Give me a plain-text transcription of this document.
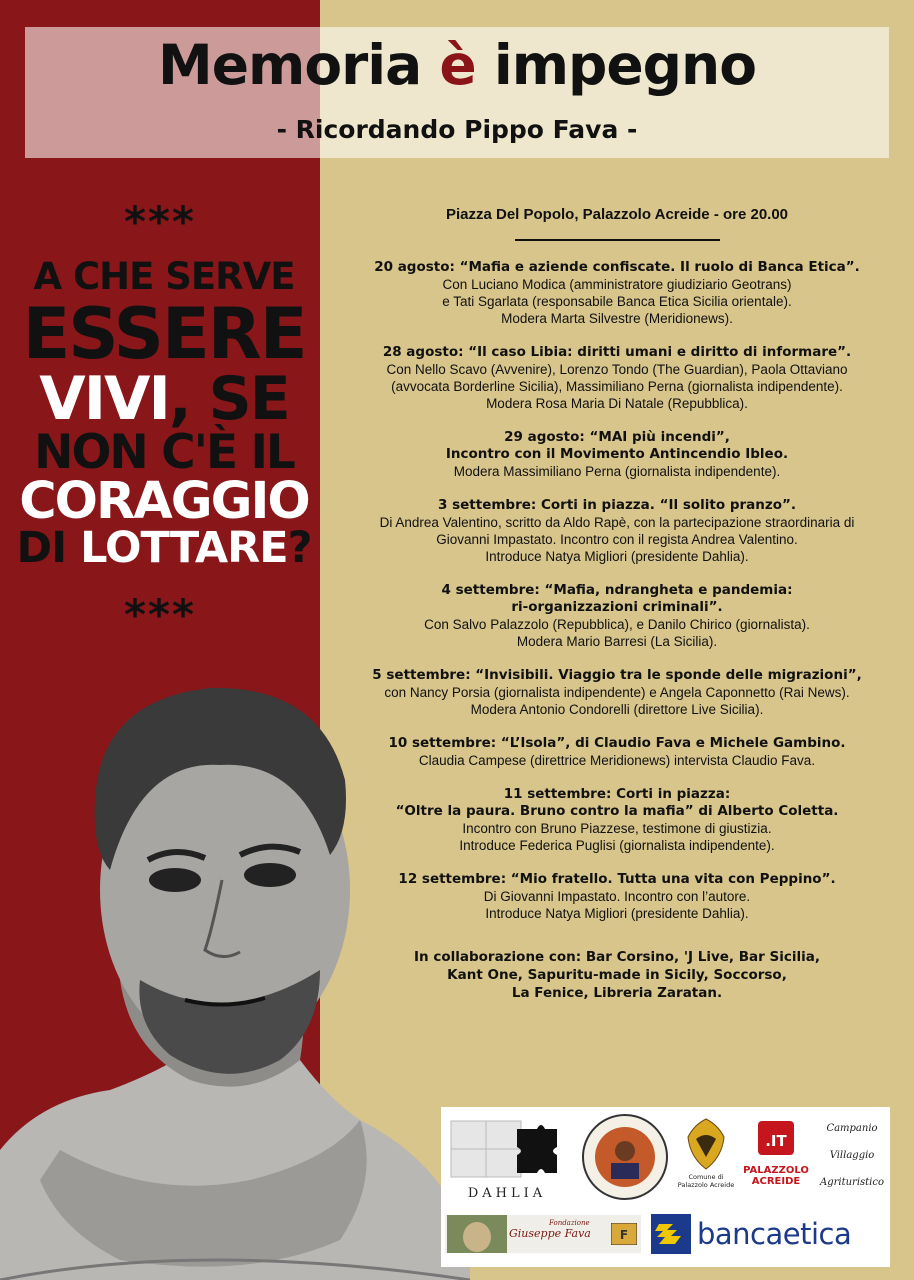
Memoria è impegno
- Ricordando Pippo Fava -
***
A CHE SERVE
ESSERE
VIVI, SE
NON C'È IL
CORAGGIO
DI LOTTARE?
***
Piazza Del Popolo, Palazzolo Acreide - ore 20.00
20 agosto: “Mafia e aziende confiscate. Il ruolo di Banca Etica”.
Con Luciano Modica (amministratore giudiziario Geotrans)
e Tati Sgarlata (responsabile Banca Etica Sicilia orientale).
Modera Marta Silvestre (Meridionews).
28 agosto: “Il caso Libia: diritti umani e diritto di informare”.
Con Nello Scavo (Avvenire), Lorenzo Tondo (The Guardian), Paola Ottaviano
(avvocata Borderline Sicilia), Massimiliano Perna (giornalista indipendente).
Modera Rosa Maria Di Natale (Repubblica).
29 agosto: “MAI più incendi”,
Incontro con il Movimento Antincendio Ibleo.
Modera Massimiliano Perna (giornalista indipendente).
3 settembre: Corti in piazza. “Il solito pranzo”.
Di Andrea Valentino, scritto da Aldo Rapè, con la partecipazione straordinaria di
Giovanni Impastato. Incontro con il regista Andrea Valentino.
Introduce Natya Migliori (presidente Dahlia).
4 settembre: “Mafia, ndrangheta e pandemia:
ri-organizzazioni criminali”.
Con Salvo Palazzolo (Repubblica), e Danilo Chirico (giornalista).
Modera Mario Barresi (La Sicilia).
5 settembre: “Invisibili. Viaggio tra le sponde delle migrazioni”,
con Nancy Porsia (giornalista indipendente) e Angela Caponnetto (Rai News).
Modera Antonio Condorelli (direttore Live Sicilia).
10 settembre: “L’Isola”, di Claudio Fava e Michele Gambino.
Claudia Campese (direttrice Meridionews) intervista Claudio Fava.
11 settembre: Corti in piazza:
“Oltre la paura. Bruno contro la mafia” di Alberto Coletta.
Incontro con Bruno Piazzese, testimone di giustizia.
Introduce Federica Puglisi (giornalista indipendente).
12 settembre: “Mio fratello. Tutta una vita con Peppino”.
Di Giovanni Impastato. Incontro con l’autore.
Introduce Natya Migliori (presidente Dahlia).
In collaborazione con: Bar Corsino, 'J Live, Bar Sicilia,
Kant One, Sapuritu-made in Sicily, Soccorso,
La Fenice, Libreria Zaratan.
DAHLIA
Comune di
Palazzolo Acreide
.IT
PALAZZOLO
ACREIDE
Campanio
Villaggio
Agrituristico
Fondazione
Giuseppe Fava F bancaetica
